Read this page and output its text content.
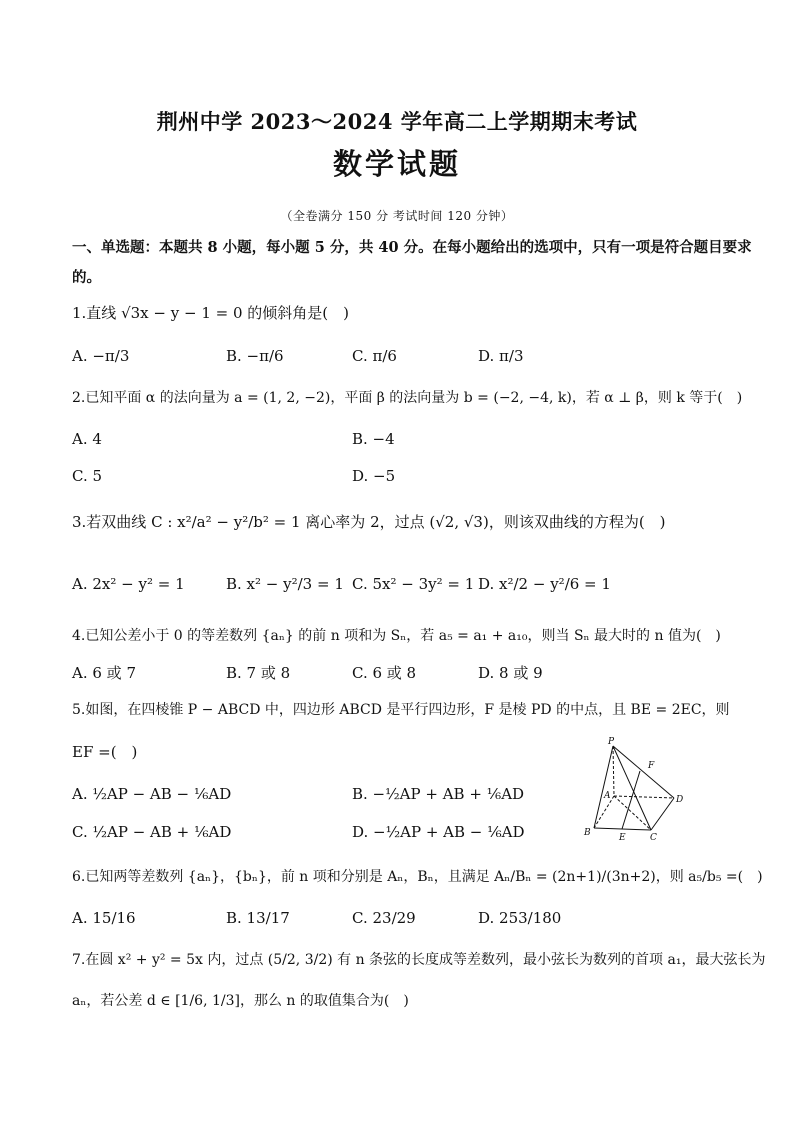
荆州中学 2023～2024 学年高二上学期期末考试
数学试题
（全卷满分 150 分 考试时间 120 分钟）
一、单选题：本题共 8 小题，每小题 5 分，共 40 分。在每小题给出的选项中，只有一项是符合题目要求
的。
1.直线 √3x − y − 1 = 0 的倾斜角是(　)
A. −π/3	B. −π/6	C. π/6	D. π/3
2.已知平面 α 的法向量为 a = (1, 2, −2)，平面 β 的法向量为 b = (−2, −4, k)，若 α ⊥ β，则 k 等于(　)
A. 4	B. −4
C. 5	D. −5
3.若双曲线 C : x²/a² − y²/b² = 1 离心率为 2，过点 (√2, √3)，则该双曲线的方程为(　)
A. 2x² − y² = 1	B. x² − y²/3 = 1 C. 5x² − 3y² = 1 D. x²/2 − y²/6 = 1
4.已知公差小于 0 的等差数列 {aₙ} 的前 n 项和为 Sₙ，若 a₅ = a₁ + a₁₀，则当 Sₙ 最大时的 n 值为(　)
A. 6 或 7	B. 7 或 8	C. 6 或 8	D. 8 或 9
5.如图，在四棱锥 P − ABCD 中，四边形 ABCD 是平行四边形，F 是棱 PD 的中点，且 BE = 2EC，则
EF =(　)
A. ½AP − AB − ⅙AD	B. −½AP + AB + ⅙AD
C. ½AP − AB + ⅙AD	D. −½AP + AB − ⅙AD
P
F
A	D
B	E	C
6.已知两等差数列 {aₙ}，{bₙ}，前 n 项和分别是 Aₙ，Bₙ，且满足 Aₙ/Bₙ = (2n+1)/(3n+2)，则 a₅/b₅ =(　)
A. 15/16	B. 13/17	C. 23/29	D. 253/180
7.在圆 x² + y² = 5x 内，过点 (5/2, 3/2) 有 n 条弦的长度成等差数列，最小弦长为数列的首项 a₁，最大弦长为
aₙ，若公差 d ∈ [1/6, 1/3]，那么 n 的取值集合为(　)
